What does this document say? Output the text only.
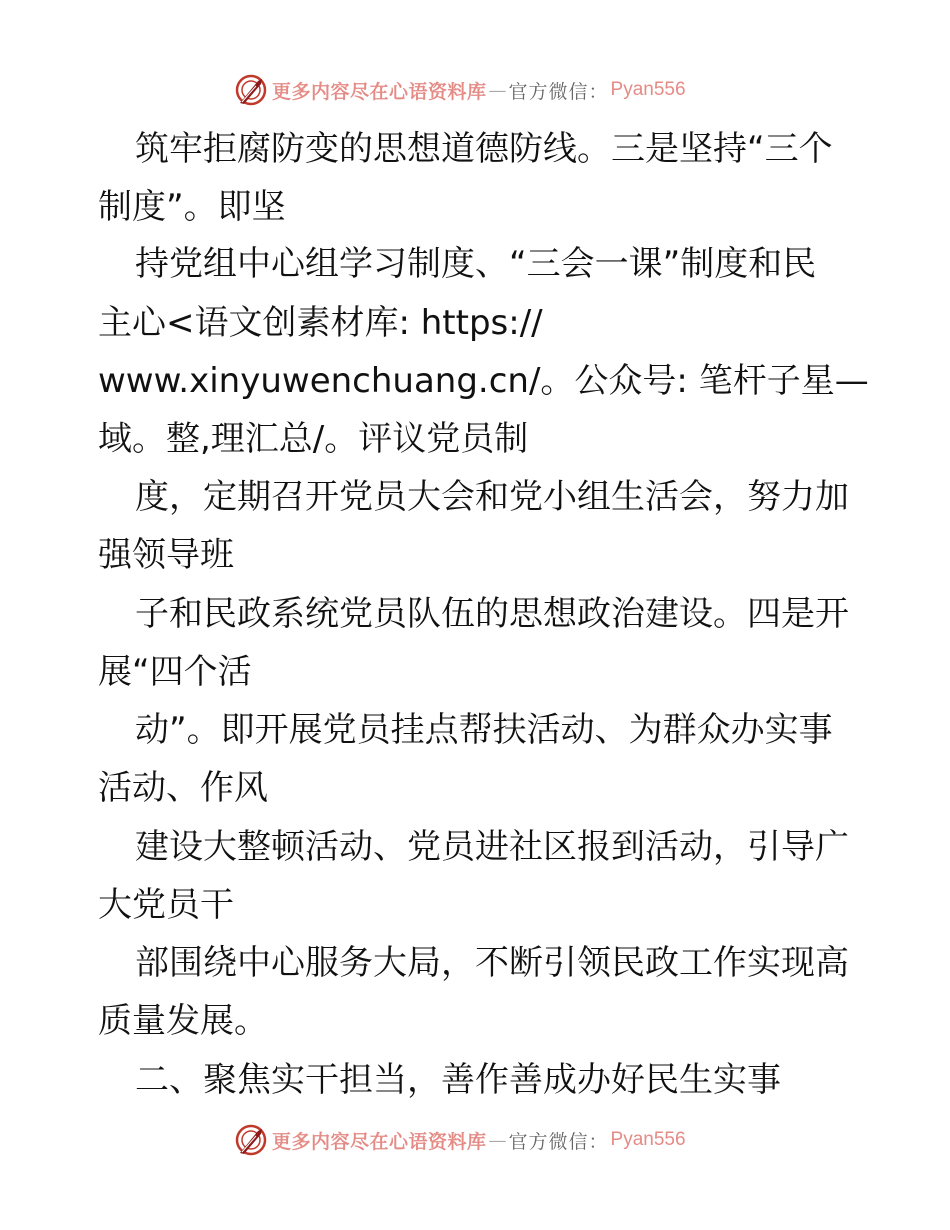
更多内容尽在心语资料库 — 官方微信： Pyan556
筑牢拒腐防变的思想道德防线。三是坚持“三个
制度”。即坚
持党组中心组学习制度、“三会一课”制度和民
主心<语文创素材库: https://
www.xinyuwenchuang.cn/。公众号: 笔杆子星—
域。整,理汇总/。评议党员制
度，定期召开党员大会和党小组生活会，努力加
强领导班
子和民政系统党员队伍的思想政治建设。四是开
展“四个活
动”。即开展党员挂点帮扶活动、为群众办实事
活动、作风
建设大整顿活动、党员进社区报到活动，引导广
大党员干
部围绕中心服务大局，不断引领民政工作实现高
质量发展。
二、聚焦实干担当，善作善成办好民生实事
更多内容尽在心语资料库 — 官方微信： Pyan556
